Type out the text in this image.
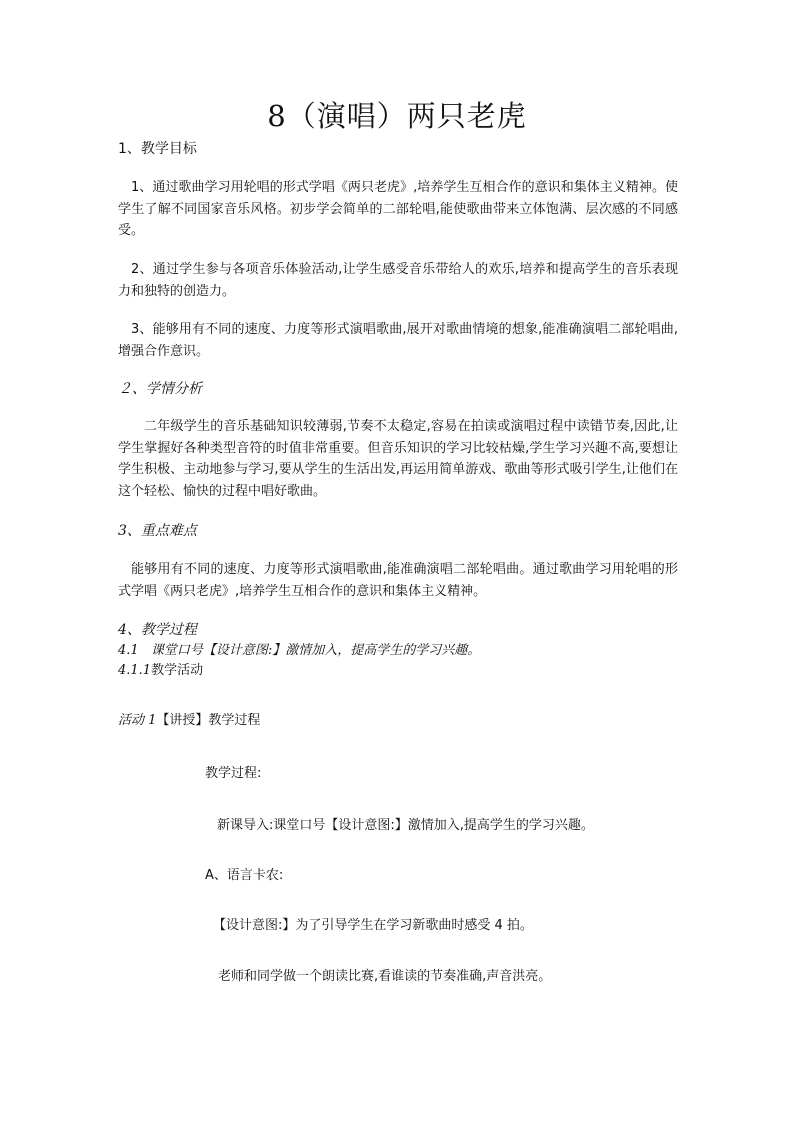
8（演唱）两只老虎
1、教学目标
1、通过歌曲学习用轮唱的形式学唱《两只老虎》,培养学生互相合作的意识和集体主义精神。使学生了解不同国家音乐风格。初步学会简单的二部轮唱,能使歌曲带来立体饱满、层次感的不同感受。
2、通过学生参与各项音乐体验活动,让学生感受音乐带给人的欢乐,培养和提高学生的音乐表现力和独特的创造力。
3、能够用有不同的速度、力度等形式演唱歌曲,展开对歌曲情境的想象,能准确演唱二部轮唱曲,增强合作意识。
２、学情分析
二年级学生的音乐基础知识较薄弱,节奏不太稳定,容易在拍读或演唱过程中读错节奏,因此,让学生掌握好各种类型音符的时值非常重要。但音乐知识的学习比较枯燥,学生学习兴趣不高,要想让学生积极、主动地参与学习,要从学生的生活出发,再运用简单游戏、歌曲等形式吸引学生,让他们在这个轻松、愉快的过程中唱好歌曲。
3、重点难点
能够用有不同的速度、力度等形式演唱歌曲,能准确演唱二部轮唱曲。通过歌曲学习用轮唱的形式学唱《两只老虎》,培养学生互相合作的意识和集体主义精神。
4、教学过程
4.1 课堂口号【设计意图:】激情加入，提高学生的学习兴趣。
4.1.1教学活动
活动 1【讲授】教学过程
教学过程:
新课导入:课堂口号【设计意图:】激情加入,提高学生的学习兴趣。
A、语言卡农:
【设计意图:】为了引导学生在学习新歌曲时感受 4 拍。
老师和同学做一个朗读比赛,看谁读的节奏准确,声音洪亮。
